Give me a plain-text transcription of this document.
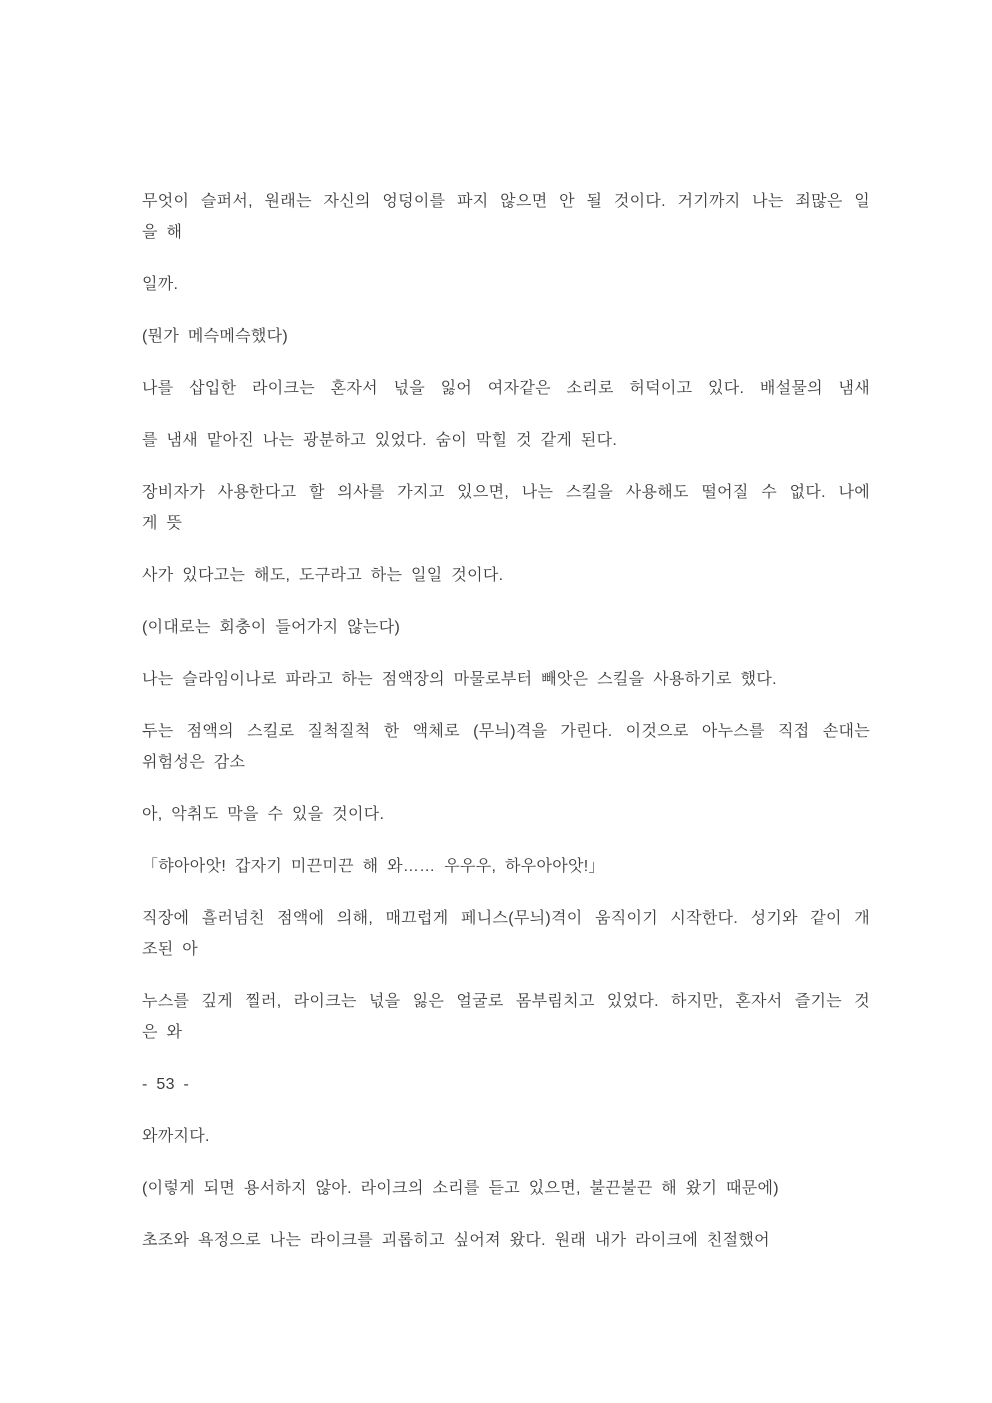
무엇이 슬퍼서, 원래는 자신의 엉덩이를 파지 않으면 안 될 것이다. 거기까지 나는 죄많은 일
을 해

일까.

(뭔가 메슥메슥했다)

나를 삽입한 라이크는 혼자서 넋을 잃어 여자같은 소리로 허덕이고 있다. 배설물의 냄새

를 냄새 맡아진 나는 광분하고 있었다. 숨이 막힐 것 같게 된다.

장비자가 사용한다고 할 의사를 가지고 있으면, 나는 스킬을 사용해도 떨어질 수 없다. 나에
게 뜻

사가 있다고는 해도, 도구라고 하는 일일 것이다.

(이대로는 회충이 들어가지 않는다)

나는 슬라임이나로 파라고 하는 점액장의 마물로부터 빼앗은 스킬을 사용하기로 했다.

두는 점액의 스킬로 질척질척 한 액체로 (무늬)격을 가린다. 이것으로 아누스를 직접 손대는
위험성은 감소

아, 악취도 막을 수 있을 것이다.

「햐아아앗! 갑자기 미끈미끈 해 와…… 우우우, 하우아아앗!」

직장에 흘러넘친 점액에 의해, 매끄럽게 페니스(무늬)격이 움직이기 시작한다. 성기와 같이 개
조된 아

누스를 깊게 찔러, 라이크는 넋을 잃은 얼굴로 몸부림치고 있었다. 하지만, 혼자서 즐기는 것
은 와

- 53 -

와까지다.

(이렇게 되면 용서하지 않아. 라이크의 소리를 듣고 있으면, 불끈불끈 해 왔기 때문에)

초조와 욕정으로 나는 라이크를 괴롭히고 싶어져 왔다. 원래 내가 라이크에 친절했어
